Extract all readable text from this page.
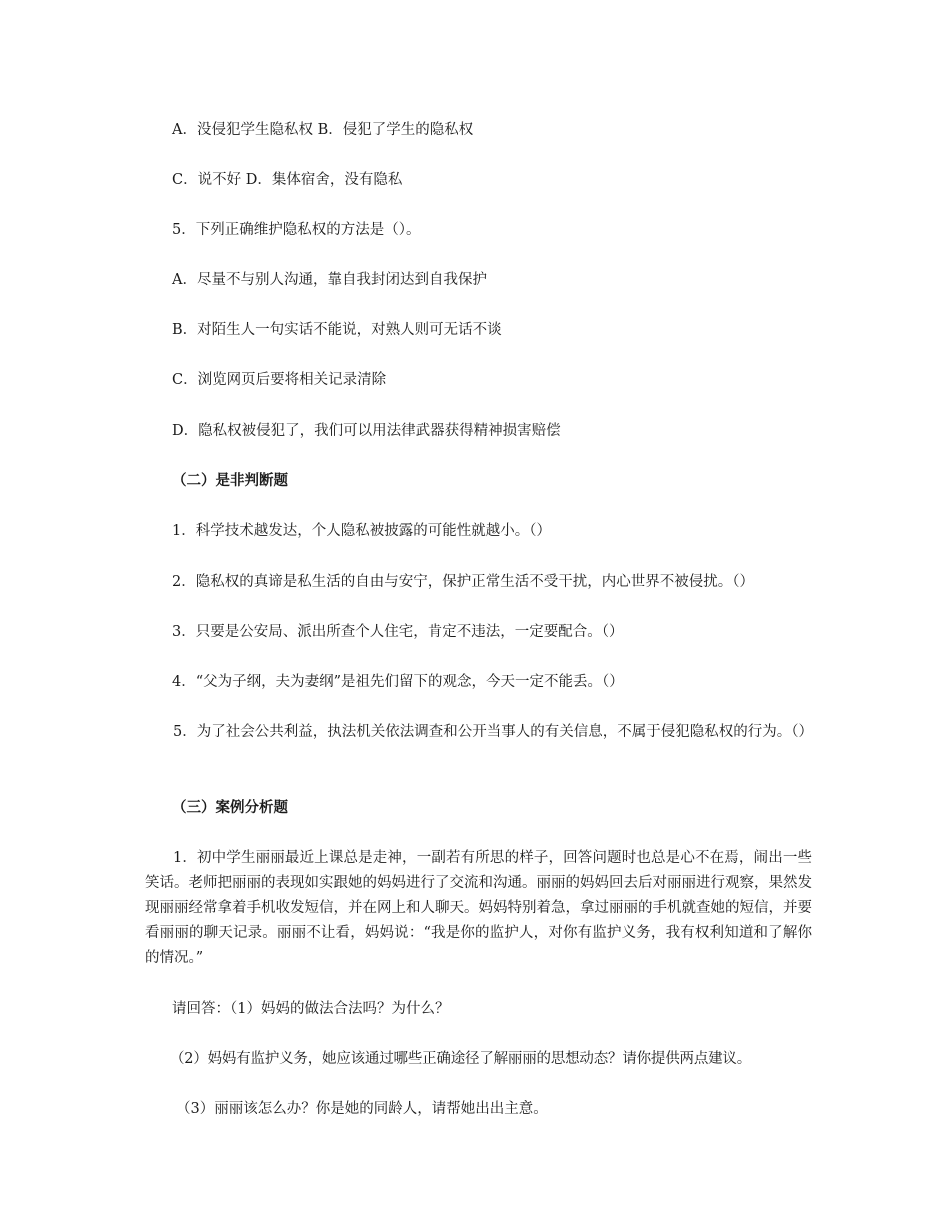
A．没侵犯学生隐私权 B．侵犯了学生的隐私权

C．说不好 D．集体宿舍，没有隐私

5．下列正确维护隐私权的方法是（）。

A．尽量不与别人沟通，靠自我封闭达到自我保护

B．对陌生人一句实话不能说，对熟人则可无话不谈

C．浏览网页后要将相关记录清除

D．隐私权被侵犯了，我们可以用法律武器获得精神损害赔偿

（二）是非判断题

1．科学技术越发达，个人隐私被披露的可能性就越小。（）

2．隐私权的真谛是私生活的自由与安宁，保护正常生活不受干扰，内心世界不被侵扰。（）

3．只要是公安局、派出所查个人住宅，肯定不违法，一定要配合。（）

4．“父为子纲，夫为妻纲”是祖先们留下的观念，今天一定不能丢。（）

5．为了社会公共利益，执法机关依法调查和公开当事人的有关信息，不属于侵犯隐私权的行为。（）

（三）案例分析题

1．初中学生丽丽最近上课总是走神，一副若有所思的样子，回答问题时也总是心不在焉，闹出一些笑话。老师把丽丽的表现如实跟她的妈妈进行了交流和沟通。丽丽的妈妈回去后对丽丽进行观察，果然发现丽丽经常拿着手机收发短信，并在网上和人聊天。妈妈特别着急，拿过丽丽的手机就查她的短信，并要看丽丽的聊天记录。丽丽不让看，妈妈说：“我是你的监护人，对你有监护义务，我有权利知道和了解你的情况。”

请回答：（1）妈妈的做法合法吗？为什么？

（2）妈妈有监护义务，她应该通过哪些正确途径了解丽丽的思想动态？请你提供两点建议。

（3）丽丽该怎么办？你是她的同龄人，请帮她出出主意。
